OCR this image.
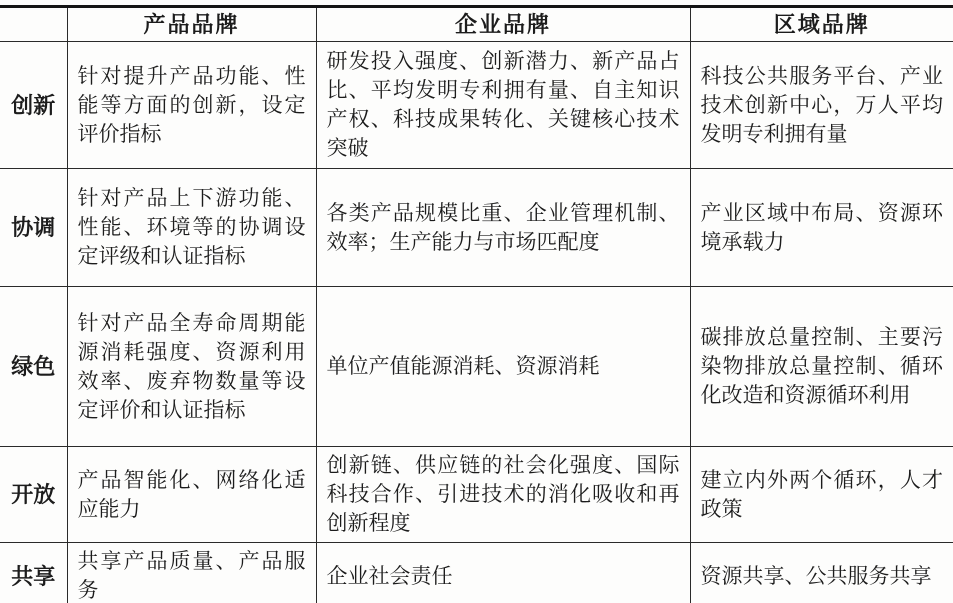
	产品品牌	企业品牌	区域品牌
创新	针对提升产品功能、性能等方面的创新，设定评价指标	研发投入强度、创新潜力、新产品占比、平均发明专利拥有量、自主知识产权、科技成果转化、关键核心技术突破	科技公共服务平台、产业技术创新中心，万人平均发明专利拥有量
协调	针对产品上下游功能、性能、环境等的协调设定评级和认证指标	各类产品规模比重、企业管理机制、效率；生产能力与市场匹配度	产业区域中布局、资源环境承载力
绿色	针对产品全寿命周期能源消耗强度、资源利用效率、废弃物数量等设定评价和认证指标	单位产值能源消耗、资源消耗	碳排放总量控制、主要污染物排放总量控制、循环化改造和资源循环利用
开放	产品智能化、网络化适应能力	创新链、供应链的社会化强度、国际科技合作、引进技术的消化吸收和再创新程度	建立内外两个循环，人才政策
共享	共享产品质量、产品服务	企业社会责任	资源共享、公共服务共享
